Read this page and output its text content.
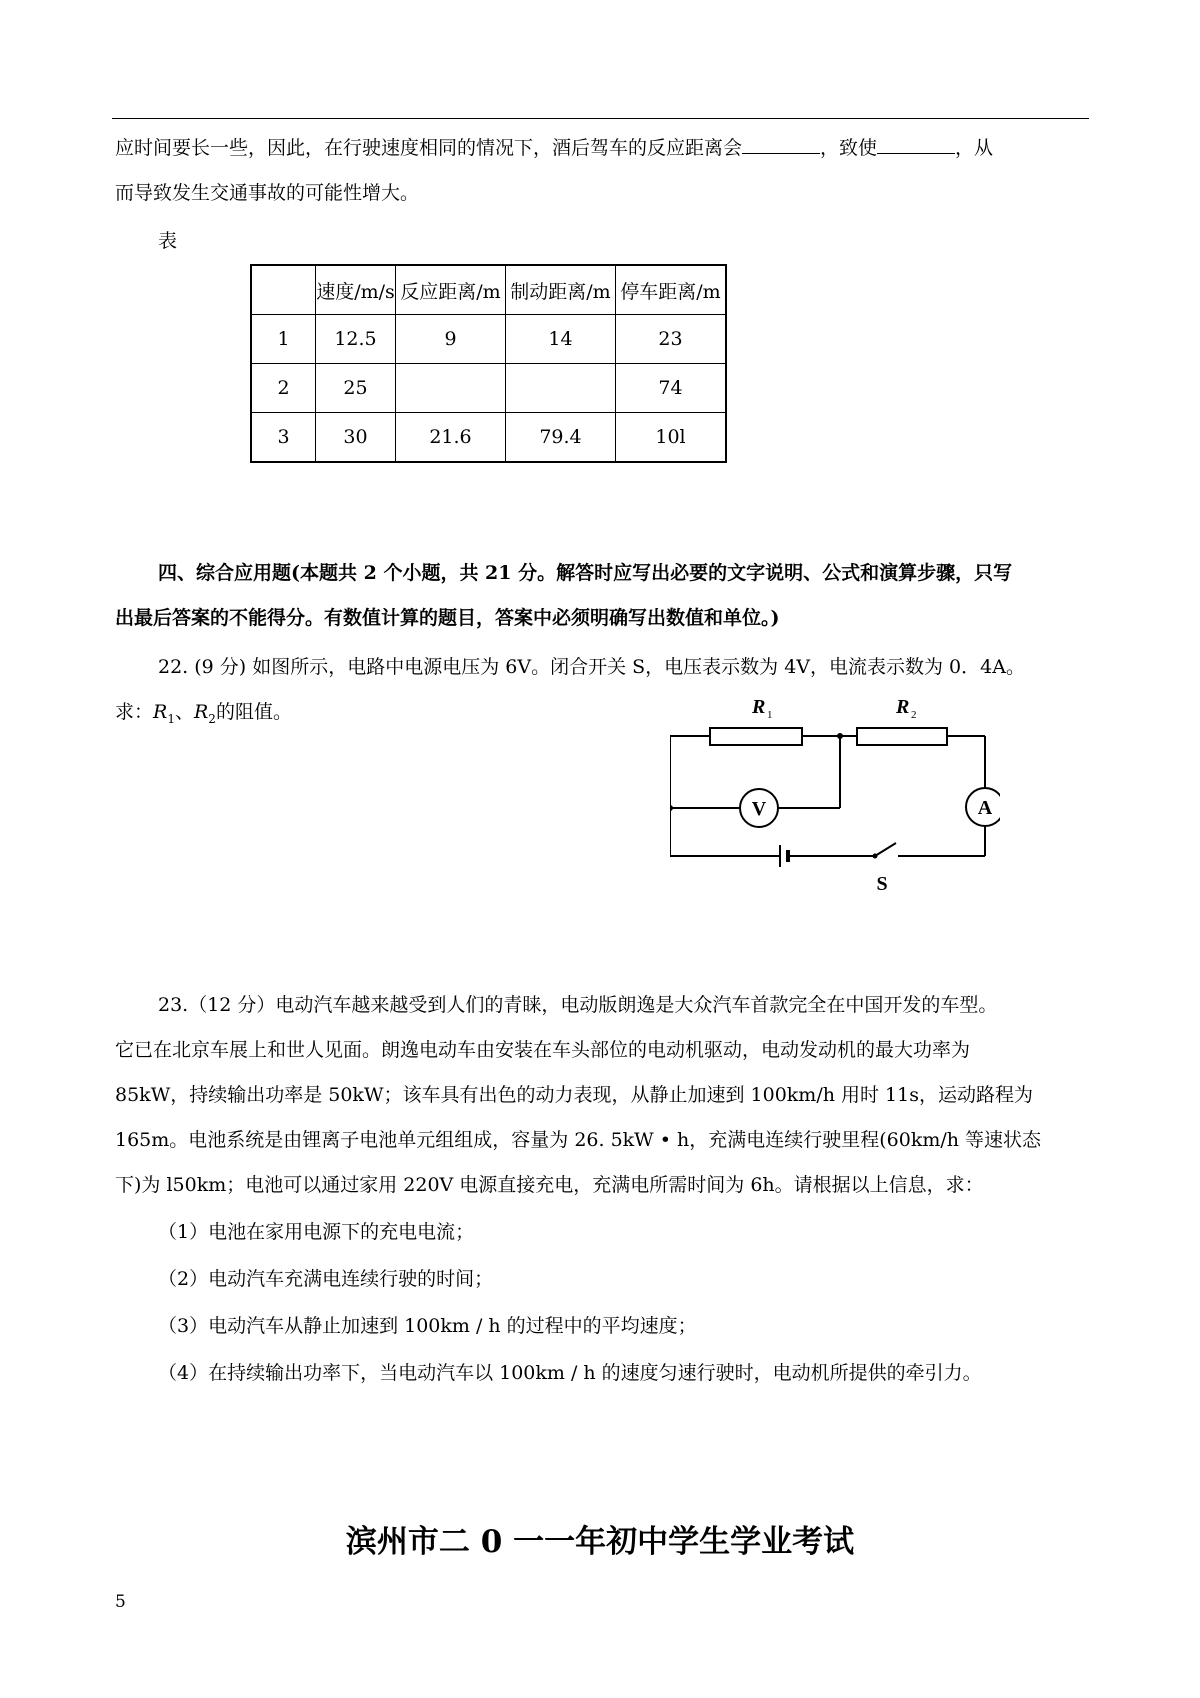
应时间要长一些，因此，在行驶速度相同的情况下，酒后驾车的反应距离会	，致使	，从
而导致发生交通事故的可能性增大。
表
	速度/m/s	反应距离/m	制动距离/m	停车距离/m
1	12.5	9	14	23
2	25			74
3	30	21.6	79.4	10l
四、综合应用题(本题共 2 个小题，共 21 分。解答时应写出必要的文字说明、公式和演算步骤，只写
出最后答案的不能得分。有数值计算的题目，答案中必须明确写出数值和单位。)
22. (9 分) 如图所示，电路中电源电压为 6V。闭合开关 S，电压表示数为 4V，电流表示数为 0．4A。
求：$R_1$、$R_2$的阻值。	R 1	R 2
V	A
S
23.（12 分）电动汽车越来越受到人们的青睐，电动版朗逸是大众汽车首款完全在中国开发的车型。
它已在北京车展上和世人见面。朗逸电动车由安装在车头部位的电动机驱动，电动发动机的最大功率为
85kW，持续输出功率是 50kW；该车具有出色的动力表现，从静止加速到 100km/h 用时 11s，运动路程为
165m。电池系统是由锂离子电池单元组组成，容量为 26. 5kW • h，充满电连续行驶里程(60km/h 等速状态
下)为 l50km；电池可以通过家用 220V 电源直接充电，充满电所需时间为 6h。请根据以上信息，求：
（1）电池在家用电源下的充电电流；
（2）电动汽车充满电连续行驶的时间；
（3）电动汽车从静止加速到 100km / h 的过程中的平均速度；
（4）在持续输出功率下，当电动汽车以 100km / h 的速度匀速行驶时，电动机所提供的牵引力。
滨州市二 0 一一年初中学生学业考试
5
